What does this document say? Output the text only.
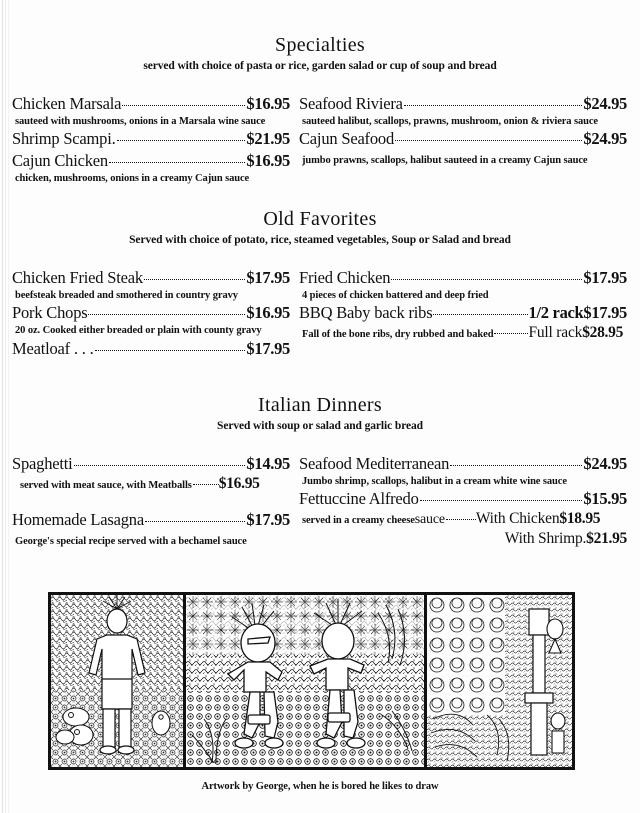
Specialties

served with choice of pasta or rice, garden salad or cup of soup and bread

Chicken Marsala	$16.95
sauteed with mushrooms, onions in a Marsala wine sauce
Shrimp Scampi.	$21.95
Cajun Chicken	$16.95
chicken, mushrooms, onions in a creamy Cajun sauce
Seafood Riviera	$24.95
sauteed halibut, scallops, prawns, mushroom, onion & riviera sauce
Cajun Seafood	$24.95
jumbo prawns, scallops, halibut sauteed in a creamy Cajun sauce
Old Favorites

Served with choice of potato, rice, steamed vegetables, Soup or Salad and bread

Chicken Fried Steak	$17.95
beefsteak breaded and smothered in country gravy
Pork Chops	$16.95
20 oz. Cooked either breaded or plain with county gravy
Meatloaf . . .	$17.95
Fried Chicken	$17.95
4 pieces of chicken battered and deep fried
BBQ Baby back ribs	1/2 rack$17.95
Fall of the bone ribs, dry rubbed and baked Full rack $28.95
Italian Dinners

Served with soup or salad and garlic bread

Spaghetti	$14.95
served with meat sauce, with Meatballs $16.95
Homemade Lasagna	$17.95
George's special recipe served with a bechamel sauce
Seafood Mediterranean	$24.95
Jumbo shrimp, scallops, halibut in a cream white wine sauce
Fettuccine Alfredo	$15.95
served in a creamy cheese sauce With Chicken $18.95
With Shrimp. $21.95
Artwork by George, when he is bored he likes to draw
